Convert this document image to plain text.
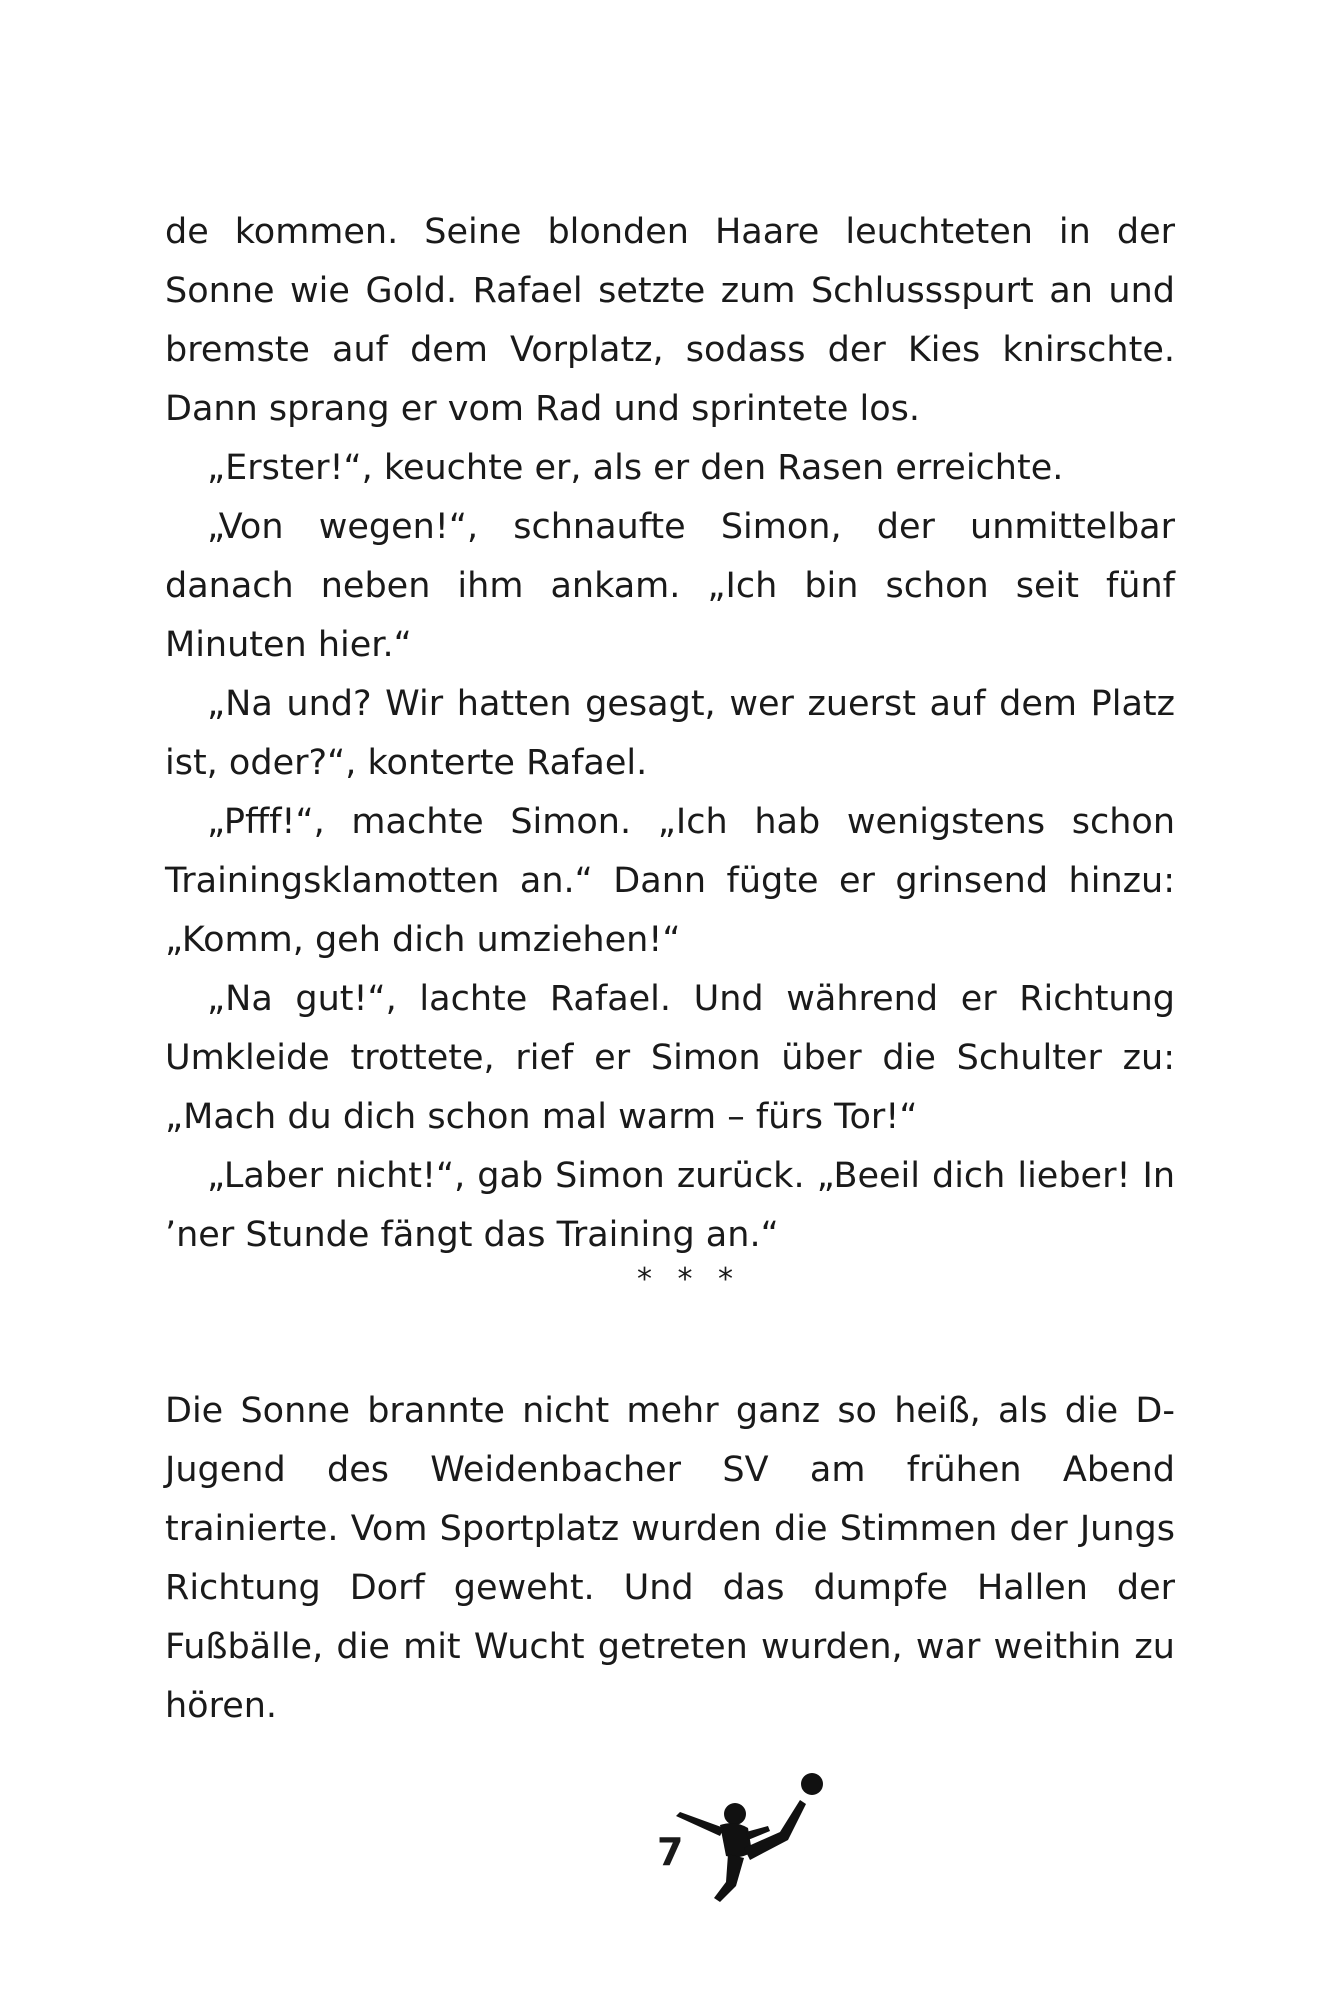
de kommen. Seine blonden Haare leuchteten in der Sonne wie Gold. Rafael setzte zum Schlussspurt an und bremste auf dem Vorplatz, sodass der Kies knirschte. Dann sprang er vom Rad und sprintete los.

„Erster!“, keuchte er, als er den Rasen erreichte.

„Von wegen!“, schnaufte Simon, der unmittelbar danach neben ihm ankam. „Ich bin schon seit fünf Minuten hier.“

„Na und? Wir hatten gesagt, wer zuerst auf dem Platz ist, oder?“, konterte Rafael.

„Pfff!“, machte Simon. „Ich hab wenigstens schon Trainingsklamotten an.“ Dann fügte er grinsend hinzu: „Komm, geh dich umziehen!“

„Na gut!“, lachte Rafael. Und während er Richtung Umkleide trottete, rief er Simon über die Schulter zu: „Mach du dich schon mal warm – fürs Tor!“

„Laber nicht!“, gab Simon zurück. „Beeil dich lieber! In ’ner Stunde fängt das Training an.“

* * *

Die Sonne brannte nicht mehr ganz so heiß, als die D-Jugend des Weidenbacher SV am frühen Abend trainierte. Vom Sportplatz wurden die Stimmen der Jungs Richtung Dorf geweht. Und das dumpfe Hallen der Fußbälle, die mit Wucht getreten wurden, war weithin zu hören.

7
